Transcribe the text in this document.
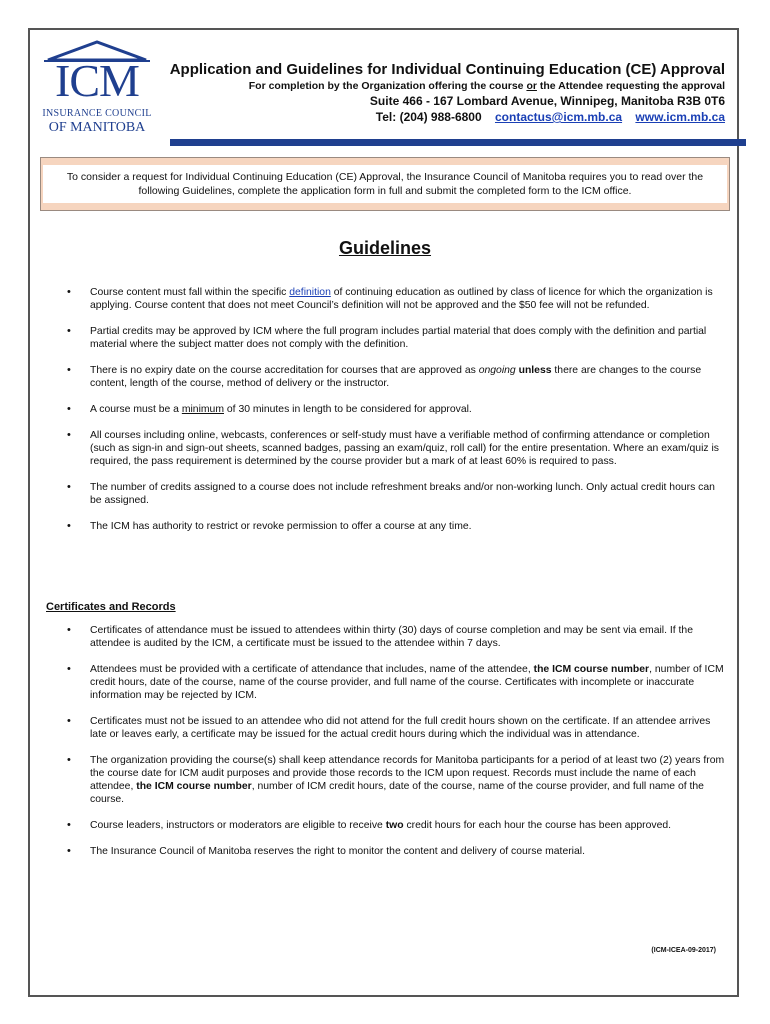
ICM
INSURANCE COUNCIL
OF MANITOBA
Application and Guidelines for Individual Continuing Education (CE) Approval
For completion by the Organization offering the course or the Attendee requesting the approval
Suite 466 - 167 Lombard Avenue, Winnipeg, Manitoba R3B 0T6
Tel: (204) 988-6800 contactus@icm.mb.ca www.icm.mb.ca
To consider a request for Individual Continuing Education (CE) Approval, the Insurance Council of Manitoba requires you to read over the following Guidelines, complete the application form in full and submit the completed form to the ICM office.
Guidelines
• Course content must fall within the specific definition of continuing education as outlined by class of licence for which the organization is applying. Course content that does not meet Council’s definition will not be approved and the $50 fee will not be refunded.
• Partial credits may be approved by ICM where the full program includes partial material that does comply with the definition and partial material where the subject matter does not comply with the definition.
• There is no expiry date on the course accreditation for courses that are approved as ongoing unless there are changes to the course content, length of the course, method of delivery or the instructor.
• A course must be a minimum of 30 minutes in length to be considered for approval.
• All courses including online, webcasts, conferences or self-study must have a verifiable method of confirming attendance or completion (such as sign-in and sign-out sheets, scanned badges, passing an exam/quiz, roll call) for the entire presentation. Where an exam/quiz is required, the pass requirement is determined by the course provider but a mark of at least 60% is required to pass.
• The number of credits assigned to a course does not include refreshment breaks and/or non-working lunch. Only actual credit hours can be assigned.
• The ICM has authority to restrict or revoke permission to offer a course at any time.
Certificates and Records
• Certificates of attendance must be issued to attendees within thirty (30) days of course completion and may be sent via email. If the attendee is audited by the ICM, a certificate must be issued to the attendee within 7 days.
• Attendees must be provided with a certificate of attendance that includes, name of the attendee, the ICM course number, number of ICM credit hours, date of the course, name of the course provider, and full name of the course. Certificates with incomplete or inaccurate information may be rejected by ICM.
• Certificates must not be issued to an attendee who did not attend for the full credit hours shown on the certificate. If an attendee arrives late or leaves early, a certificate may be issued for the actual credit hours during which the individual was in attendance.
• The organization providing the course(s) shall keep attendance records for Manitoba participants for a period of at least two (2) years from the course date for ICM audit purposes and provide those records to the ICM upon request. Records must include the name of each attendee, the ICM course number, number of ICM credit hours, date of the course, name of the course provider, and full name of the course.
• Course leaders, instructors or moderators are eligible to receive two credit hours for each hour the course has been approved.
• The Insurance Council of Manitoba reserves the right to monitor the content and delivery of course material.
(ICM-ICEA-09-2017)
